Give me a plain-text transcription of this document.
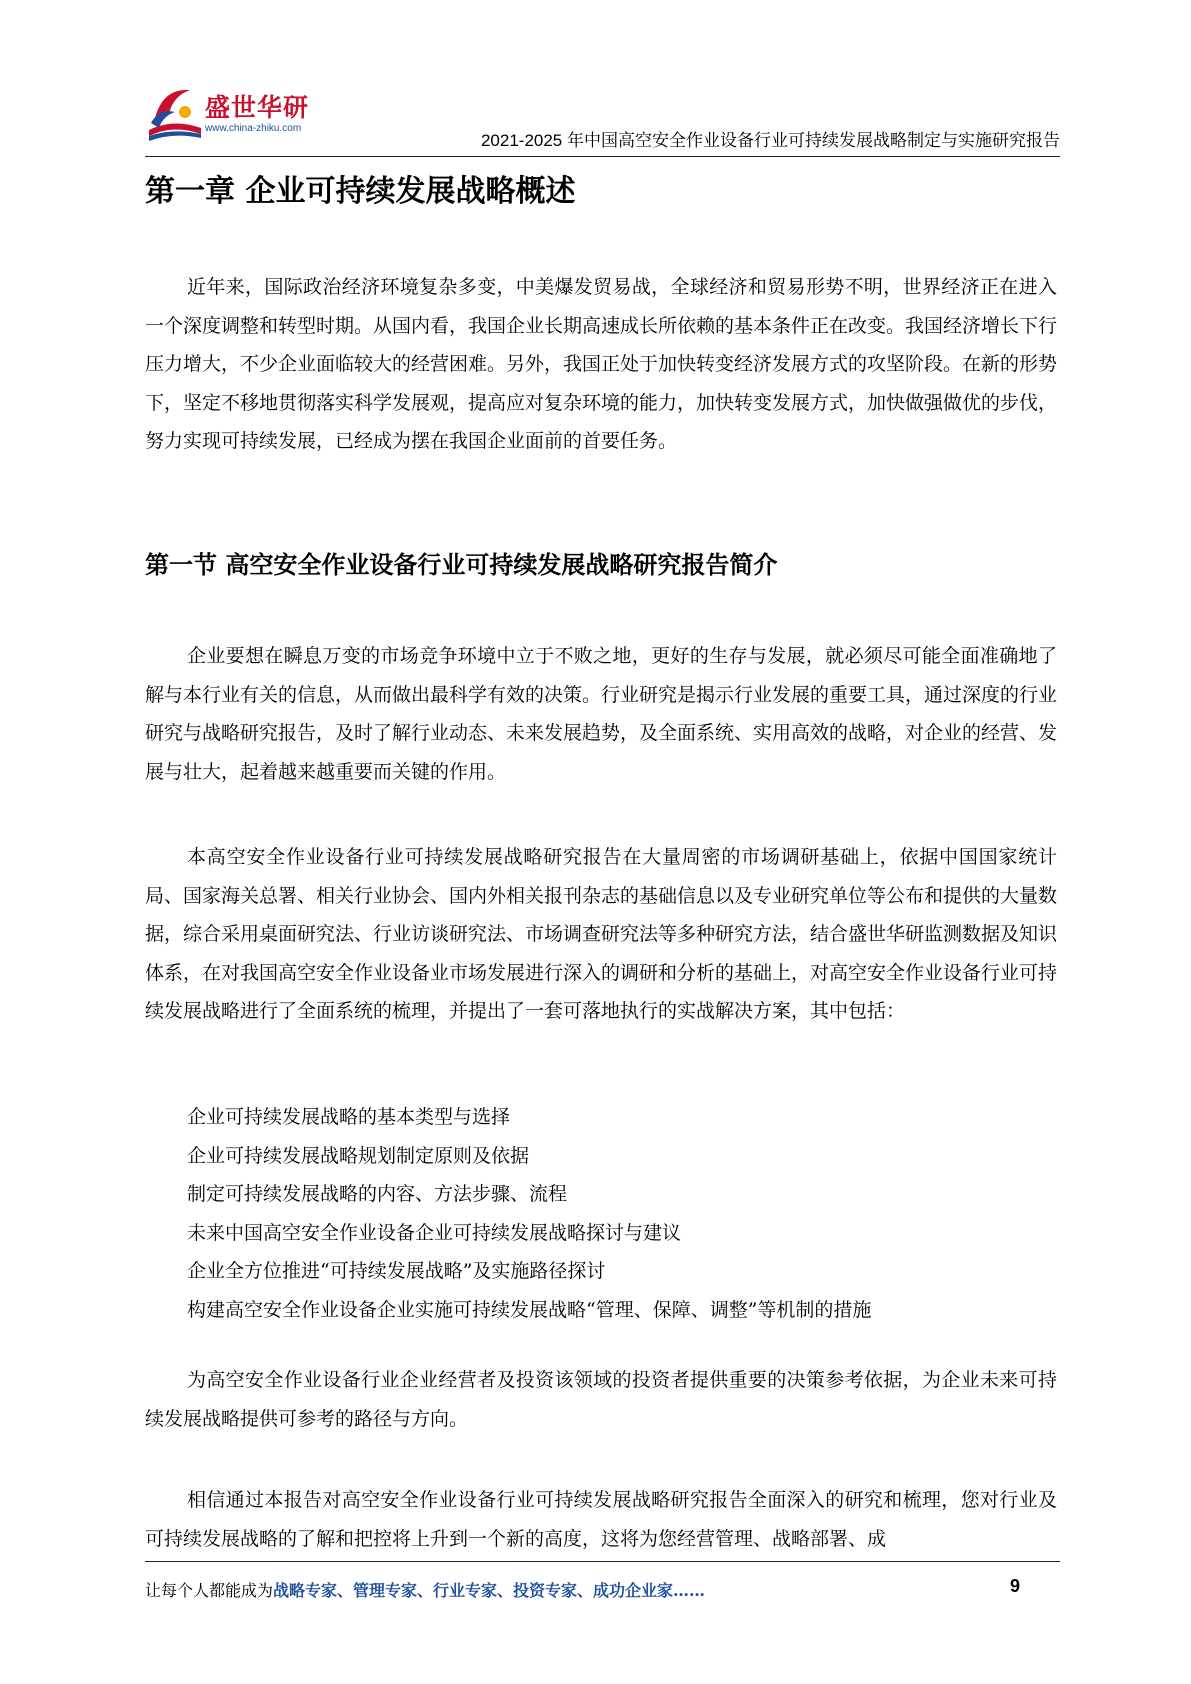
盛世华研
www.china-zhiku.com
2021-2025 年中国高空安全作业设备行业可持续发展战略制定与实施研究报告
第一章 企业可持续发展战略概述

近年来，国际政治经济环境复杂多变，中美爆发贸易战，全球经济和贸易形势不明，世界经济正在进入一个深度调整和转型时期。从国内看，我国企业长期高速成长所依赖的基本条件正在改变。我国经济增长下行压力增大，不少企业面临较大的经营困难。另外，我国正处于加快转变经济发展方式的攻坚阶段。在新的形势下，坚定不移地贯彻落实科学发展观，提高应对复杂环境的能力，加快转变发展方式，加快做强做优的步伐，努力实现可持续发展，已经成为摆在我国企业面前的首要任务。

第一节 高空安全作业设备行业可持续发展战略研究报告简介

企业要想在瞬息万变的市场竞争环境中立于不败之地，更好的生存与发展，就必须尽可能全面准确地了解与本行业有关的信息，从而做出最科学有效的决策。行业研究是揭示行业发展的重要工具，通过深度的行业研究与战略研究报告，及时了解行业动态、未来发展趋势，及全面系统、实用高效的战略，对企业的经营、发展与壮大，起着越来越重要而关键的作用。

本高空安全作业设备行业可持续发展战略研究报告在大量周密的市场调研基础上，依据中国国家统计局、国家海关总署、相关行业协会、国内外相关报刊杂志的基础信息以及专业研究单位等公布和提供的大量数据，综合采用桌面研究法、行业访谈研究法、市场调查研究法等多种研究方法，结合盛世华研监测数据及知识体系，在对我国高空安全作业设备业市场发展进行深入的调研和分析的基础上，对高空安全作业设备行业可持续发展战略进行了全面系统的梳理，并提出了一套可落地执行的实战解决方案，其中包括：

企业可持续发展战略的基本类型与选择
企业可持续发展战略规划制定原则及依据
制定可持续发展战略的内容、方法步骤、流程
未来中国高空安全作业设备企业可持续发展战略探讨与建议
企业全方位推进“可持续发展战略”及实施路径探讨
构建高空安全作业设备企业实施可持续发展战略“管理、保障、调整”等机制的措施

为高空安全作业设备行业企业经营者及投资该领域的投资者提供重要的决策参考依据，为企业未来可持续发展战略提供可参考的路径与方向。

相信通过本报告对高空安全作业设备行业可持续发展战略研究报告全面深入的研究和梳理，您对行业及可持续发展战略的了解和把控将上升到一个新的高度，这将为您经营管理、战略部署、成

让每个人都能成为战略专家、管理专家、行业专家、投资专家、成功企业家……	9
